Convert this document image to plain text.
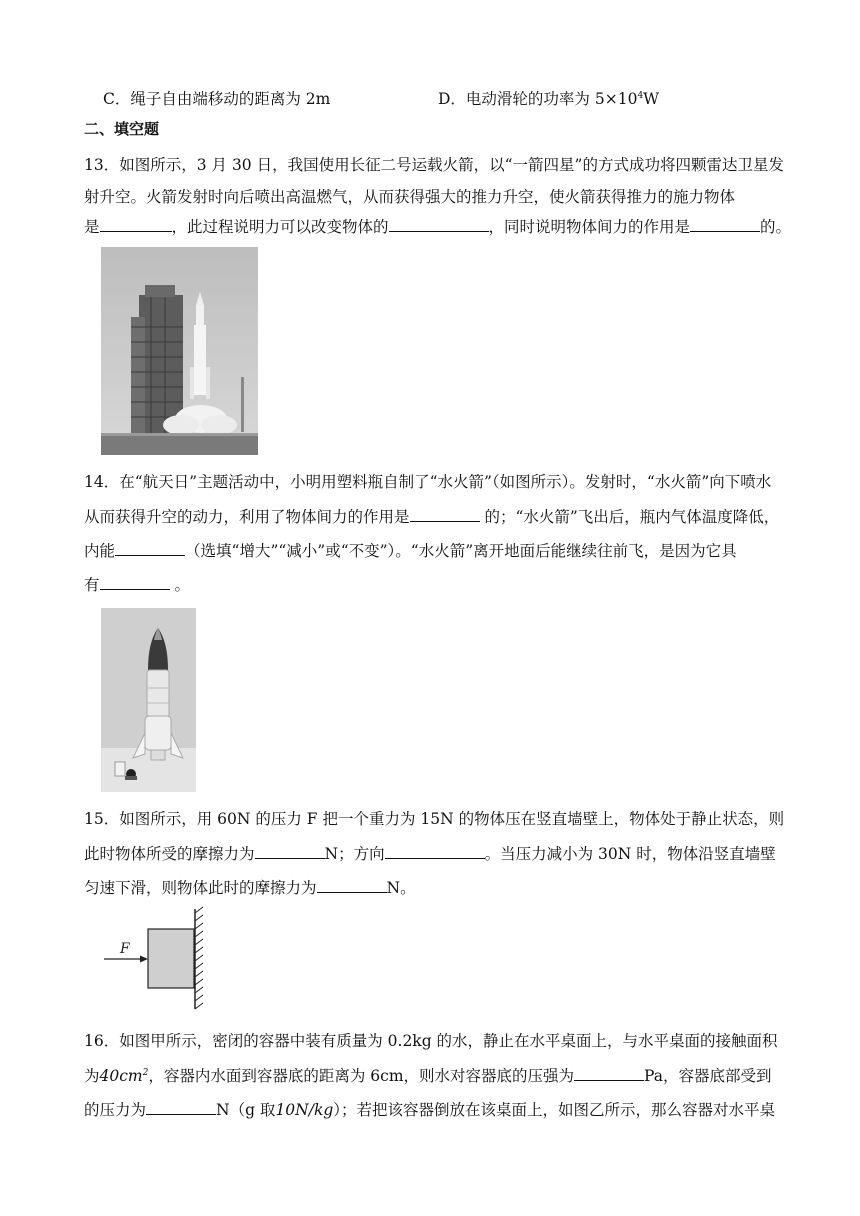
C．绳子自由端移动的距离为 2m	D．电动滑轮的功率为 $5\times 10^4W$
二、填空题
13．如图所示，3 月 30 日，我国使用长征二号运载火箭，以“一箭四星”的方式成功将四颗雷达卫星发
射升空。火箭发射时向后喷出高温燃气，从而获得强大的推力升空，使火箭获得推力的施力物体
是	，此过程说明力可以改变物体的	，同时说明物体间力的作用是	的。
14．在“航天日”主题活动中，小明用塑料瓶自制了“水火箭”（如图所示）。发射时，“水火箭”向下喷水
从而获得升空的动力，利用了物体间力的作用是	的；“水火箭”飞出后，瓶内气体温度降低，
内能	（选填“增大”“减小”或“不变”）。“水火箭”离开地面后能继续往前飞，是因为它具
有	。
15．如图所示，用 60N 的压力 F 把一个重力为 15N 的物体压在竖直墙壁上，物体处于静止状态，则
此时物体所受的摩擦力为	N；方向	。当压力减小为 30N 时，物体沿竖直墙壁
匀速下滑，则物体此时的摩擦力为	N。
F
16．如图甲所示，密闭的容器中装有质量为 0.2kg 的水，静止在水平桌面上，与水平桌面的接触面积
为$40cm^2$，容器内水面到容器底的距离为 6cm，则水对容器底的压强为	Pa，容器底部受到
的压力为	N（g 取10N/kg）；若把该容器倒放在该桌面上，如图乙所示，那么容器对水平桌
